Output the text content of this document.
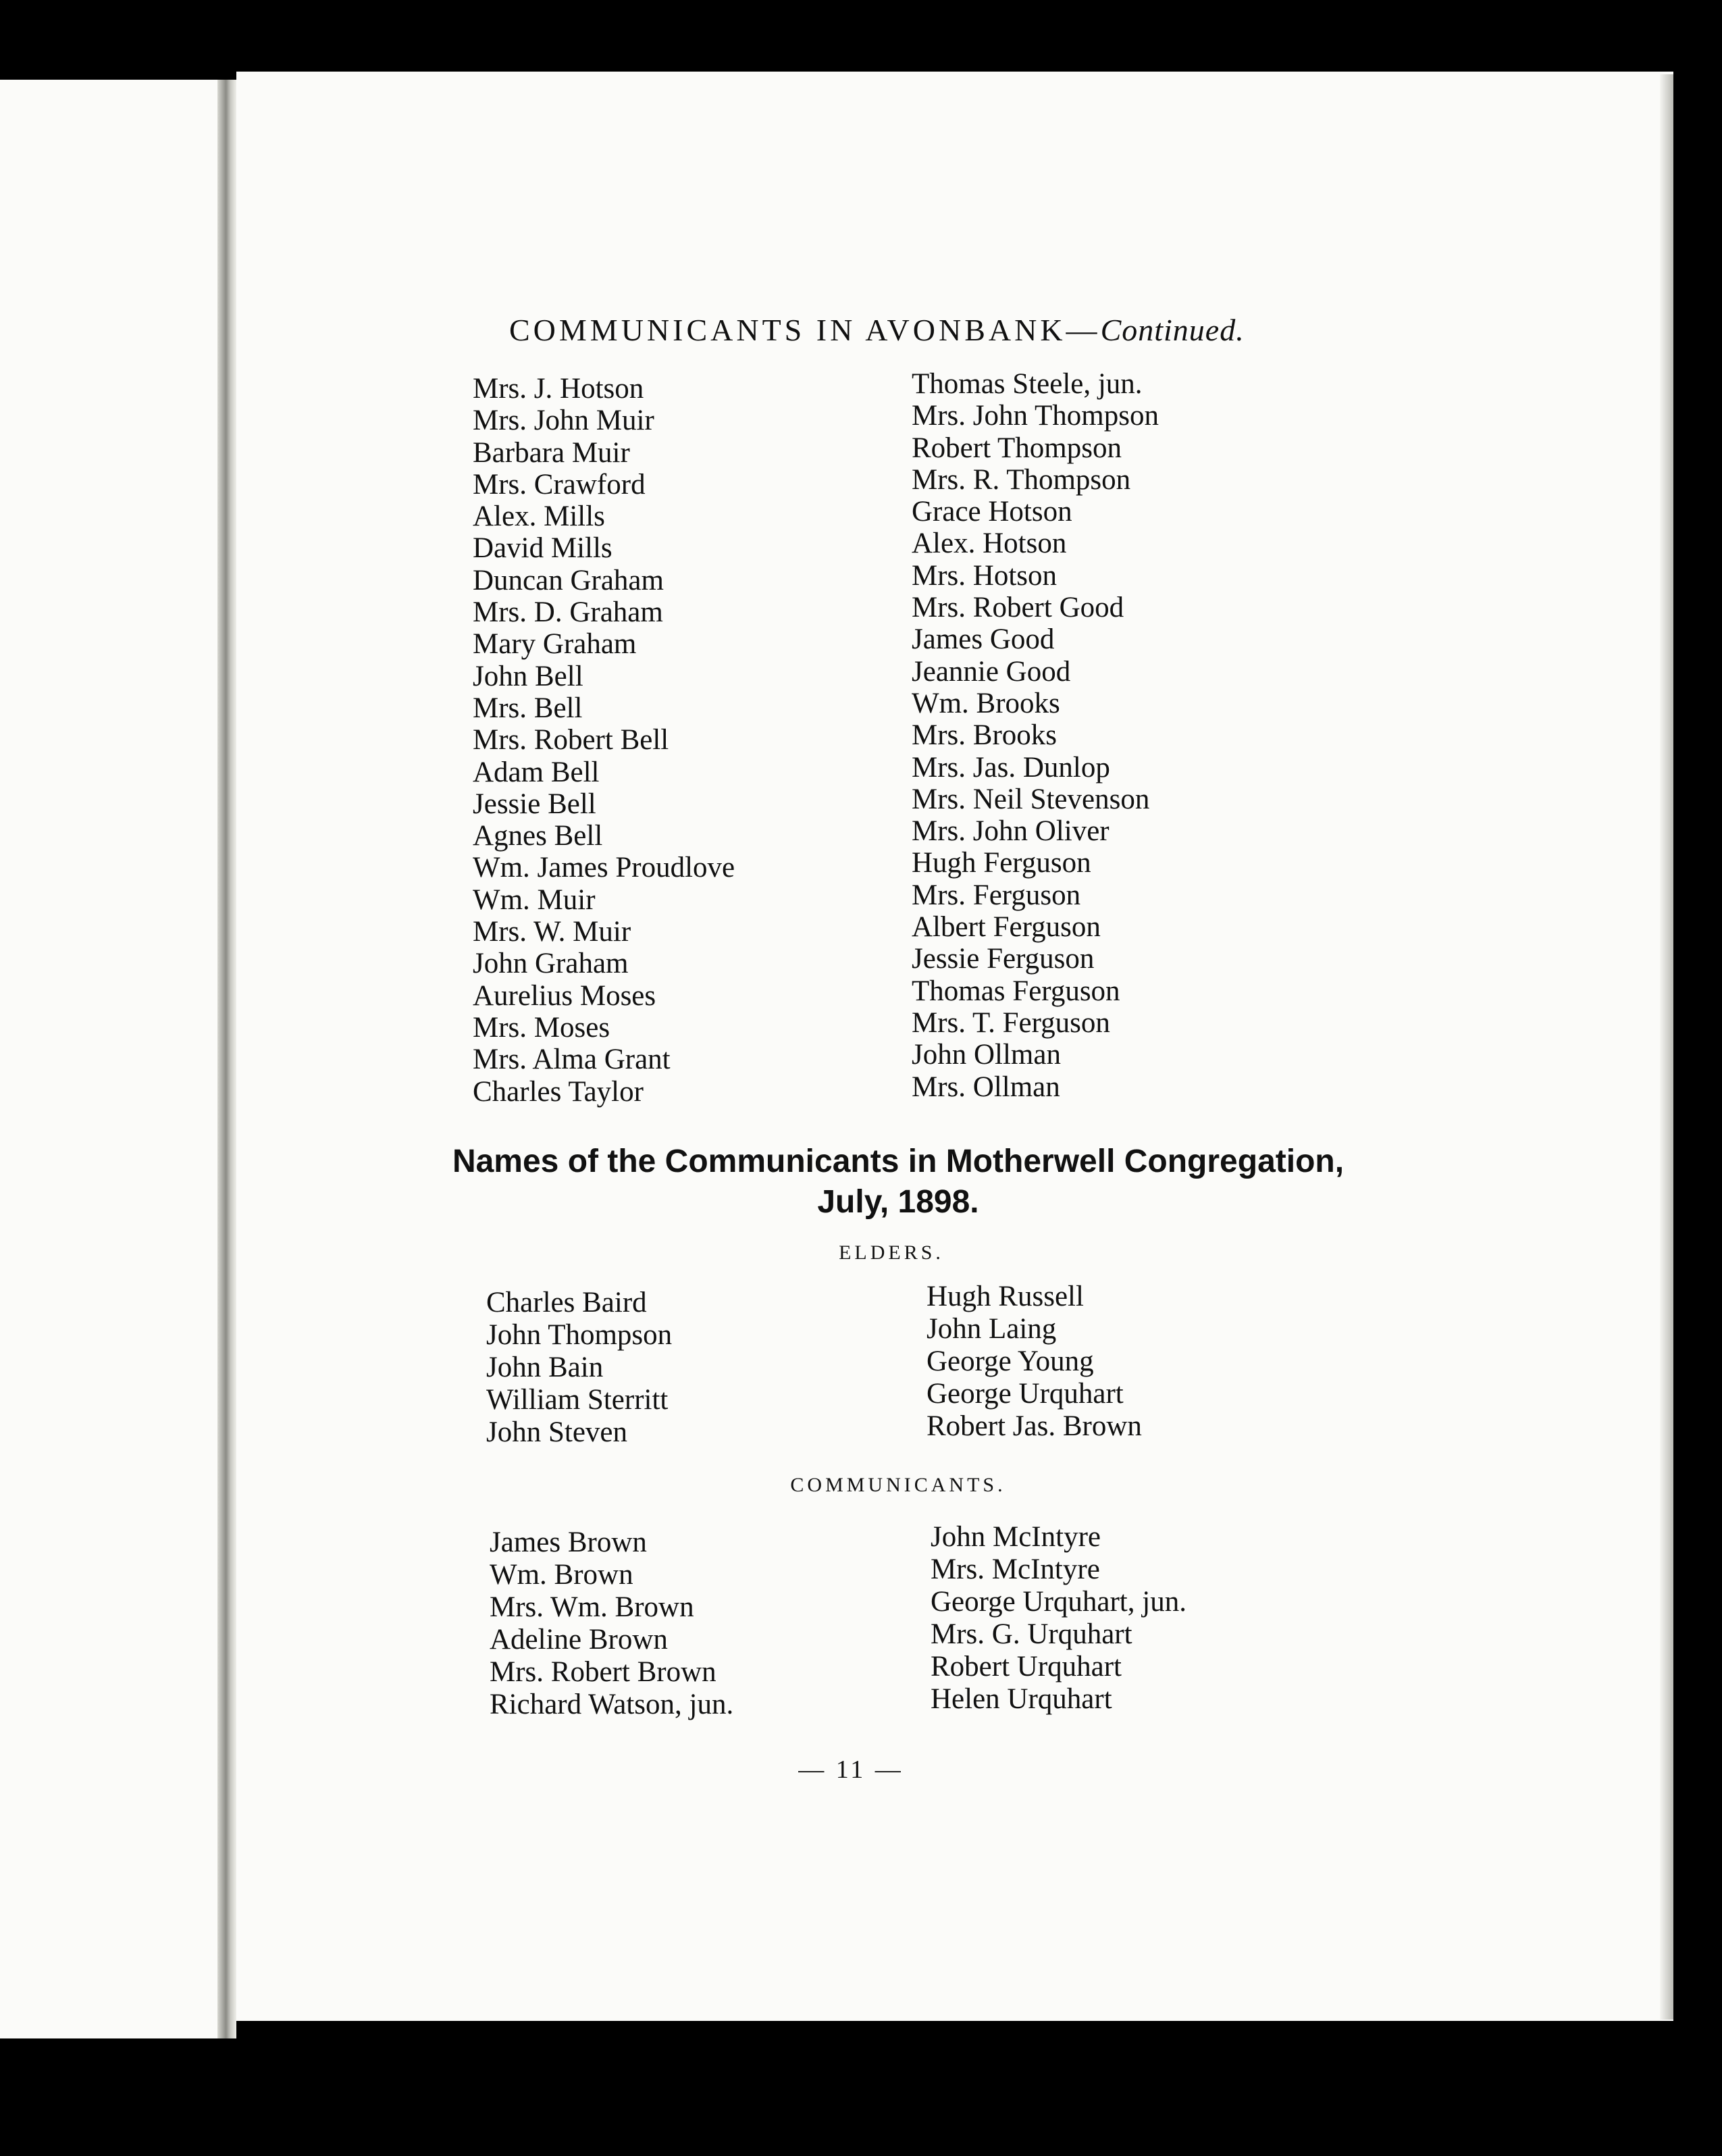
COMMUNICANTS IN AVONBANK—Continued.
Mrs. J. Hotson
Mrs. John Muir
Barbara Muir
Mrs. Crawford
Alex. Mills
David Mills
Duncan Graham
Mrs. D. Graham
Mary Graham
John Bell
Mrs. Bell
Mrs. Robert Bell
Adam Bell
Jessie Bell
Agnes Bell
Wm. James Proudlove
Wm. Muir
Mrs. W. Muir
John Graham
Aurelius Moses
Mrs. Moses
Mrs. Alma Grant
Charles Taylor
Thomas Steele, jun.
Mrs. John Thompson
Robert Thompson
Mrs. R. Thompson
Grace Hotson
Alex. Hotson
Mrs. Hotson
Mrs. Robert Good
James Good
Jeannie Good
Wm. Brooks
Mrs. Brooks
Mrs. Jas. Dunlop
Mrs. Neil Stevenson
Mrs. John Oliver
Hugh Ferguson
Mrs. Ferguson
Albert Ferguson
Jessie Ferguson
Thomas Ferguson
Mrs. T. Ferguson
John Ollman
Mrs. Ollman
Names of the Communicants in Motherwell Congregation,
July, 1898.
ELDERS.
Charles Baird
John Thompson
John Bain
William Sterritt
John Steven
Hugh Russell
John Laing
George Young
George Urquhart
Robert Jas. Brown
COMMUNICANTS.
James Brown
Wm. Brown
Mrs. Wm. Brown
Adeline Brown
Mrs. Robert Brown
Richard Watson, jun.
John McIntyre
Mrs. McIntyre
George Urquhart, jun.
Mrs. G. Urquhart
Robert Urquhart
Helen Urquhart
— 11 —
